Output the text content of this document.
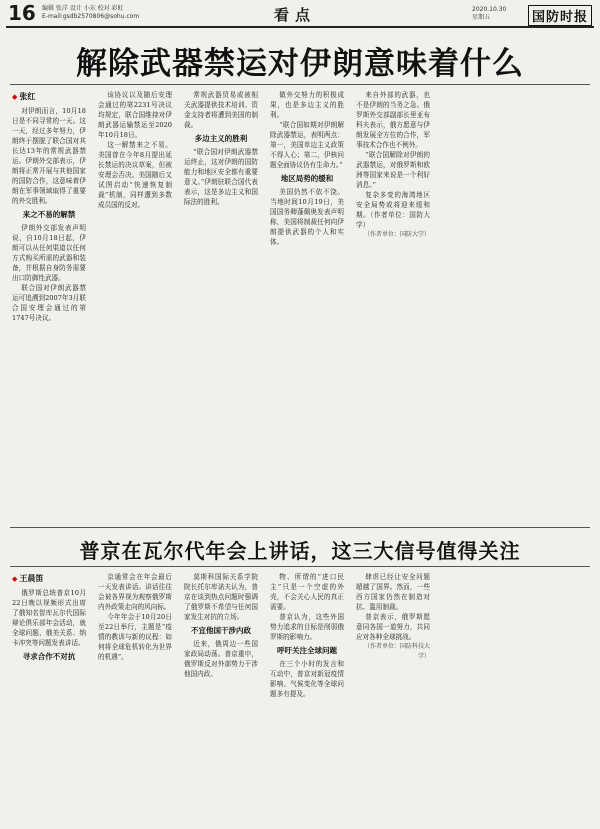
16 编辑 张洋 设计 小东 校对 彩虹
E-mail:gsdb2570806@sohu.com	看点	2020.10.30
星期五	国防时报
解除武器禁运对伊朗意味着什么
◆ 张红

对伊朗而言，10月18日是不同寻常的一天。这一天，经过多年努力，伊朗终于摆脱了联合国对其长达13年的常规武器禁运。伊朗外交部表示，伊朗将正常开展与其他国家的国防合作，这意味着伊朗在军事领域取得了重要的外交胜利。

来之不易的解禁

伊朗外交部发表声明说，自10月18日起，伊朗可以从任何渠道以任何方式购买所需的武器和装备，并根据自身防务需要出口防御性武器。

联合国对伊朗武器禁运可追溯到2007年3月联合国安理会通过的第1747号决议。

该协议以及随后安理会通过的第2231号决议均规定，联合国维持对伊朗武器运输禁运至2020年10月18日。

这一解禁来之不易。美国曾在今年8月提出延长禁运的决议草案，但被安理会否决。美国随后又试图启动“快速恢复制裁”机制，同样遭到多数成员国的反对。

常规武器贸易或被相关武器提供技术培训、资金支持者将遭到美国的制裁。

多边主义的胜利

“联合国对伊朗武器禁运终止，这对伊朗的国防能力和地区安全都有重要意义。”伊朗驻联合国代表表示，这是多边主义和国际法的胜利。

做外交努力的积极成果，也是多边主义的胜利。

“联合国如期对伊朗解除武器禁运，表明两点：第一，美国单边主义政策不得人心；第二，伊核问题全面协议仍有生命力。”

地区局势的缓和

美国仍然不依不饶。当地时间10月19日，美国国务卿蓬佩奥发表声明称，美国将制裁任何向伊朗提供武器的个人和实体。

来自外部的武器，也不是伊朗的当务之急。俄罗斯外交部副部长里亚布科夫表示，俄方愿意与伊朗发展全方位的合作，军事技术合作也不例外。

“联合国解除对伊朗的武器禁运，对俄罗斯和欧洲等国家来说是一个利好消息。”

复杂多变的海湾地区安全局势或将迎来缓和期。（作者单位：国防大学）

（作者单位：国防大学）
普京在瓦尔代年会上讲话，这三大信号值得关注
◆ 王晨笛

俄罗斯总统普京10月22日晚以视频形式出席了俄知名智库瓦尔代国际辩论俱乐部年会活动，就全球问题、俄美关系、纳卡冲突等问题发表讲话。

寻求合作不对抗

京通常会在年会最后一天发表讲话。讲话往往会被各界视为观察俄罗斯内外政策走向的风向标。

今年年会于10月20日至22日举行，主题是“疫情的教训与新的议程：如何将全球危机转化为世界的机遇”。

莫斯科国际关系学院院长托尔库诺夫认为，普京在谈到热点问题时强调了俄罗斯不希望与任何国家发生对抗的立场。

不宜他国干涉内政

近来，俄周边一些国家政局动荡。普京重申，俄罗斯反对外部势力干涉他国内政。

物、所谓的“进口民主”只是一个空虚的外壳，不会关心人民的真正需要。

普京认为，这些外国势力追求的目标是削弱俄罗斯的影响力。

呼吁关注全球问题

在三个小时的发言和互动中，普京对新冠疫情影响、气候变化等全球问题多有提及。

肆虐已经让安全问题超越了国界。然而，一些西方国家仍然在制造对抗、滥用制裁。

普京表示，俄罗斯愿意同各国一道努力，共同应对各种全球挑战。

（作者单位：国防科技大学）
